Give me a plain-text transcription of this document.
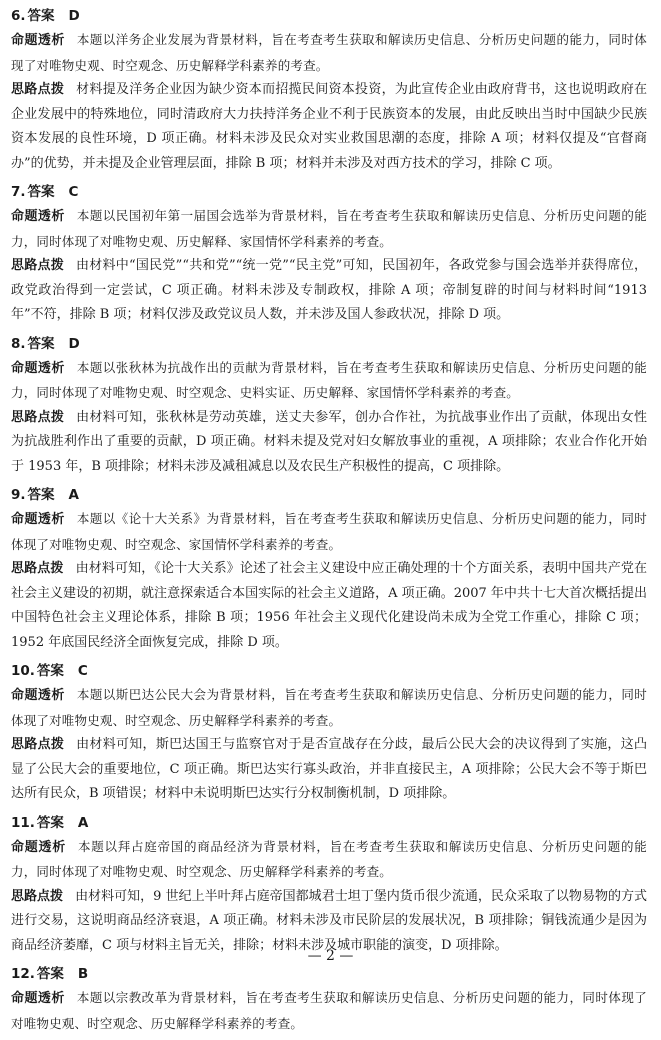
6. 答案 D
命题透析 本题以洋务企业发展为背景材料，旨在考查考生获取和解读历史信息、分析历史问题的能力，同时体现了对唯物史观、时空观念、历史解释学科素养的考查。
思路点拨 材料提及洋务企业因为缺少资本而招揽民间资本投资，为此宣传企业由政府背书，这也说明政府在企业发展中的特殊地位，同时清政府大力扶持洋务企业不利于民族资本的发展，由此反映出当时中国缺少民族资本发展的良性环境，D 项正确。材料未涉及民众对实业救国思潮的态度，排除 A 项；材料仅提及“官督商办”的优势，并未提及企业管理层面，排除 B 项；材料并未涉及对西方技术的学习，排除 C 项。
7. 答案 C
命题透析 本题以民国初年第一届国会选举为背景材料，旨在考查考生获取和解读历史信息、分析历史问题的能力，同时体现了对唯物史观、历史解释、家国情怀学科素养的考查。
思路点拨 由材料中“国民党”“共和党”“统一党”“民主党”可知，民国初年，各政党参与国会选举并获得席位，政党政治得到一定尝试，C 项正确。材料未涉及专制政权，排除 A 项；帝制复辟的时间与材料时间“1913 年”不符，排除 B 项；材料仅涉及政党议员人数，并未涉及国人参政状况，排除 D 项。
8. 答案 D
命题透析 本题以张秋林为抗战作出的贡献为背景材料，旨在考查考生获取和解读历史信息、分析历史问题的能力，同时体现了对唯物史观、时空观念、史料实证、历史解释、家国情怀学科素养的考查。
思路点拨 由材料可知，张秋林是劳动英雄，送丈夫参军，创办合作社，为抗战事业作出了贡献，体现出女性为抗战胜利作出了重要的贡献，D 项正确。材料未提及党对妇女解放事业的重视，A 项排除；农业合作化开始于 1953 年，B 项排除；材料未涉及减租减息以及农民生产积极性的提高，C 项排除。
9. 答案 A
命题透析 本题以《论十大关系》为背景材料，旨在考查考生获取和解读历史信息、分析历史问题的能力，同时体现了对唯物史观、时空观念、家国情怀学科素养的考查。
思路点拨 由材料可知，《论十大关系》论述了社会主义建设中应正确处理的十个方面关系，表明中国共产党在社会主义建设的初期，就注意探索适合本国实际的社会主义道路，A 项正确。2007 年中共十七大首次概括提出中国特色社会主义理论体系，排除 B 项；1956 年社会主义现代化建设尚未成为全党工作重心，排除 C 项；1952 年底国民经济全面恢复完成，排除 D 项。
10. 答案 C
命题透析 本题以斯巴达公民大会为背景材料，旨在考查考生获取和解读历史信息、分析历史问题的能力，同时体现了对唯物史观、时空观念、历史解释学科素养的考查。
思路点拨 由材料可知，斯巴达国王与监察官对于是否宣战存在分歧，最后公民大会的决议得到了实施，这凸显了公民大会的重要地位，C 项正确。斯巴达实行寡头政治，并非直接民主，A 项排除；公民大会不等于斯巴达所有民众，B 项错误；材料中未说明斯巴达实行分权制衡机制，D 项排除。
11. 答案 A
命题透析 本题以拜占庭帝国的商品经济为背景材料，旨在考查考生获取和解读历史信息、分析历史问题的能力，同时体现了对唯物史观、时空观念、历史解释学科素养的考查。
思路点拨 由材料可知，9 世纪上半叶拜占庭帝国都城君士坦丁堡内货币很少流通，民众采取了以物易物的方式进行交易，这说明商品经济衰退，A 项正确。材料未涉及市民阶层的发展状况，B 项排除；铜钱流通少是因为商品经济萎靡，C 项与材料主旨无关，排除；材料未涉及城市职能的演变，D 项排除。
12. 答案 B
命题透析 本题以宗教改革为背景材料，旨在考查考生获取和解读历史信息、分析历史问题的能力，同时体现了对唯物史观、时空观念、历史解释学科素养的考查。
— 2 —
